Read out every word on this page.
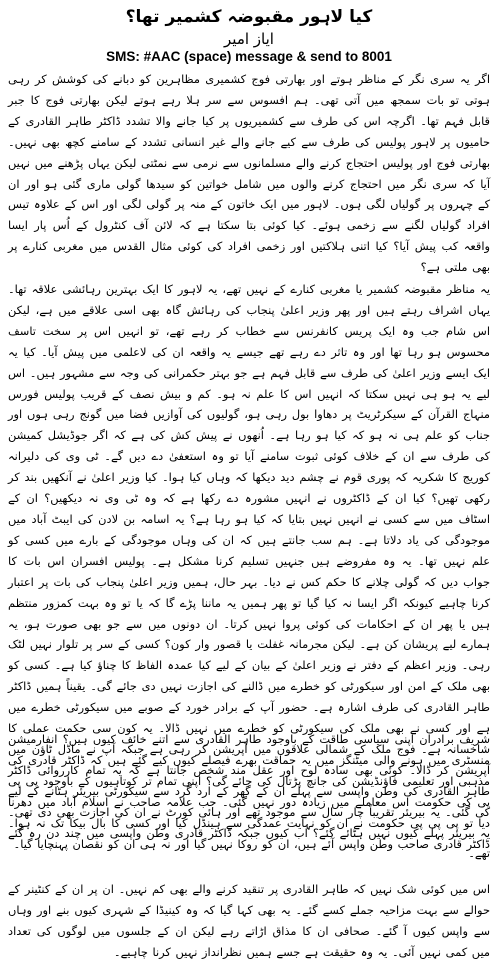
کیا لاہور مقبوضہ کشمیر تھا؟
ایاز امیر
SMS: #AAC (space) message & send to 8001

اگر یہ سری نگر کے مناظر ہوتے اور بھارتی فوج کشمیری مظاہرین کو دبانے کی کوشش کر رہی ہوتی تو بات سمجھ میں آتی تھی۔ ہم افسوس سے سر ہلا رہے ہوتے لیکن بھارتی فوج کا جبر قابل فہم تھا۔ اگرچہ اس کی طرف سے کشمیریوں پر کیا جانے والا تشدد ڈاکٹر طاہر القادری کے حامیوں پر لاہور پولیس کی طرف سے کیے جانے والے غیر انسانی تشدد کے سامنے کچھ بھی نہیں۔ بھارتی فوج اور پولیس احتجاج کرنے والے مسلمانوں سے نرمی سے نمٹتی لیکن یہاں پڑھنے میں نہیں آیا کہ سری نگر میں احتجاج کرنے والوں میں شامل خواتین کو سیدھا گولی ماری گئی ہو اور ان کے چہروں پر گولیاں لگی ہوں۔ لاہور میں ایک خاتون کے منہ پر گولی لگی اور اس کے علاوہ تیس افراد گولیاں لگنے سے زخمی ہوئے۔ کیا کوئی بتا سکتا ہے کہ لائن آف کنٹرول کے اُس پار ایسا واقعہ کب پیش آیا؟ کیا اتنی ہلاکتیں اور زخمی افراد کی کوئی مثال القدس میں مغربی کنارے پر بھی ملتی ہے؟

یہ مناظر مقبوضہ کشمیر یا مغربی کنارے کے نہیں تھے، یہ لاہور کا ایک بہترین رہائشی علاقہ تھا۔ یہاں اشراف رہتے ہیں اور پھر وزیر اعلیٰ پنجاب کی رہائش گاہ بھی اسی علاقے میں ہے، لیکن اس شام جب وہ ایک پریس کانفرنس سے خطاب کر رہے تھے، تو انہیں اس پر سخت تاسف محسوس ہو رہا تھا اور وہ تاثر دے رہے تھے جیسے یہ واقعہ ان کی لاعلمی میں پیش آیا۔ کیا یہ ایک ایسے وزیر اعلیٰ کی طرف سے قابل فہم ہے جو بہتر حکمرانی کی وجہ سے مشہور ہیں۔ اس لیے یہ ہو ہی نہیں سکتا کہ انہیں اس کا علم نہ ہو۔ کم و بیش نصف کے قریب پولیس فورس منہاج القرآن کے سیکرٹریٹ پر دھاوا بول رہی ہو، گولیوں کی آوازیں فضا میں گونج رہی ہوں اور جناب کو علم ہی نہ ہو کہ کیا ہو رہا ہے۔ اُنھوں نے پیش کش کی ہے کہ اگر جوڈیشل کمیشن کی طرف سے ان کے خلاف کوئی ثبوت سامنے آیا تو وہ استعفیٰ دے دیں گے۔ ٹی وی کی دلیرانہ کوریج کا شکریہ کہ پوری قوم نے چشم دید دیکھا کہ وہاں کیا ہوا۔ کیا وزیر اعلیٰ نے آنکھیں بند کر رکھی تھیں؟ کیا ان کے ڈاکٹروں نے انہیں مشورہ دے رکھا ہے کہ وہ ٹی وی نہ دیکھیں؟ ان کے اسٹاف میں سے کسی نے انہیں نہیں بتایا کہ کیا ہو رہا ہے؟ یہ اسامہ بن لادن کی ایبٹ آباد میں موجودگی کی یاد دلاتا ہے۔ ہم سب جانتے ہیں کہ ان کی وہاں موجودگی کے بارے میں کسی کو علم نہیں تھا۔ یہ وہ مفروضے ہیں جنہیں تسلیم کرنا مشکل ہے۔ پولیس افسران اس بات کا جواب دیں کہ گولی چلانے کا حکم کس نے دیا۔ بہر حال، ہمیں وزیر اعلیٰ پنجاب کی بات پر اعتبار کرنا چاہیے کیونکہ اگر ایسا نہ کیا گیا تو پھر ہمیں یہ ماننا پڑے گا کہ یا تو وہ بہت کمزور منتظم ہیں یا پھر ان کے احکامات کی کوئی پروا نہیں کرتا۔ ان دونوں میں سے جو بھی صورت ہو، یہ ہمارے لیے پریشان کن ہے۔ لیکن مجرمانہ غفلت یا قصور وار کون؟ کسی کے سر پر تلوار نہیں لٹک رہی۔ وزیر اعظم کے دفتر نے وزیر اعلیٰ کے بیان کے لیے کیا عمدہ الفاظ کا چناؤ کیا ہے۔ کسی کو بھی ملک کے امن اور سیکورٹی کو خطرے میں ڈالنے کی اجازت نہیں دی جائے گی۔ یقیناً ہمیں ڈاکٹر طاہر القادری کی طرف اشارہ ہے۔ حضور آپ کے برادر خورد کے صوبے میں سیکورٹی خطرے میں ہے اور کسی نے بھی ملک کی سیکورٹی کو خطرے میں نہیں ڈالا۔ یہ کون سی حکمت عملی کا شاخسانہ ہے۔ فوج ملک کے شمالی علاقوں میں آپریشن کر رہی ہے جبکہ آپ نے ماڈل ٹاؤن میں آپریشن کر ڈالا۔ کوئی بھی سادہ لوح اور عقل مند شخص جانتا ہے کہ یہ تمام کارروائی ڈاکٹر طاہر القادری کی وطن واپسی سے پہلے ان کے گھر کے ارد گرد سے سیکورٹی بیریئر ہٹانے کے لیے کی گئی۔ یہ بیریئر تقریباً چار سال سے موجود تھے اور ہائی کورٹ نے ان کی اجازت بھی دی تھی۔ یہ بیریئر پہلے کیوں نہیں ہٹائے گئے؟ اب کیوں جبکہ ڈاکٹر قادری وطن واپسی میں چند دن رہ گئے تھے۔

شریف برادران اپنی سیاسی طاقت کے باوجود طاہر القادری سے اتنے خائف کیوں ہیں؟ انفارمیشن منسٹری میں ہونے والی میٹنگز میں یہ حماقت بھرے فیصلے کیوں کیے گئے ہیں کہ ڈاکٹر قادری کی مذہبی اور تعلیمی فاؤنڈیشن کی جانچ پڑتال کی جائے گی؟ اپنی تمام تر کوتاہیوں کے باوجود پی پی پی کی حکومت اس معاملے میں زیادہ دور نہیں گئی۔ جب علامہ صاحب نے اسلام آباد میں دھرنا دیا تو پی پی پی حکومت نے ان کو نہایت عمدگی سے ہینڈل کیا اور کسی کا بال بیکا تک نہ ہوا۔ ڈاکٹر قادری صاحب وطن واپس آئے ہیں، ان کو روکا نہیں گیا اور نہ ہی ان کو نقصان پہنچایا گیا۔

اس میں کوئی شک نہیں کہ طاہر القادری پر تنقید کرنے والے بھی کم نہیں۔ ان پر ان کے کنٹینر کے حوالے سے بہت مزاحیہ جملے کسے گئے۔ یہ بھی کہا گیا کہ وہ کینیڈا کے شہری کیوں بنے اور وہاں سے واپس کیوں آ گئے۔ صحافی ان کا مذاق اڑاتے رہے لیکن ان کے جلسوں میں لوگوں کی تعداد میں کمی نہیں آئی۔ یہ وہ حقیقت ہے جسے ہمیں نظرانداز نہیں کرنا چاہیے۔
